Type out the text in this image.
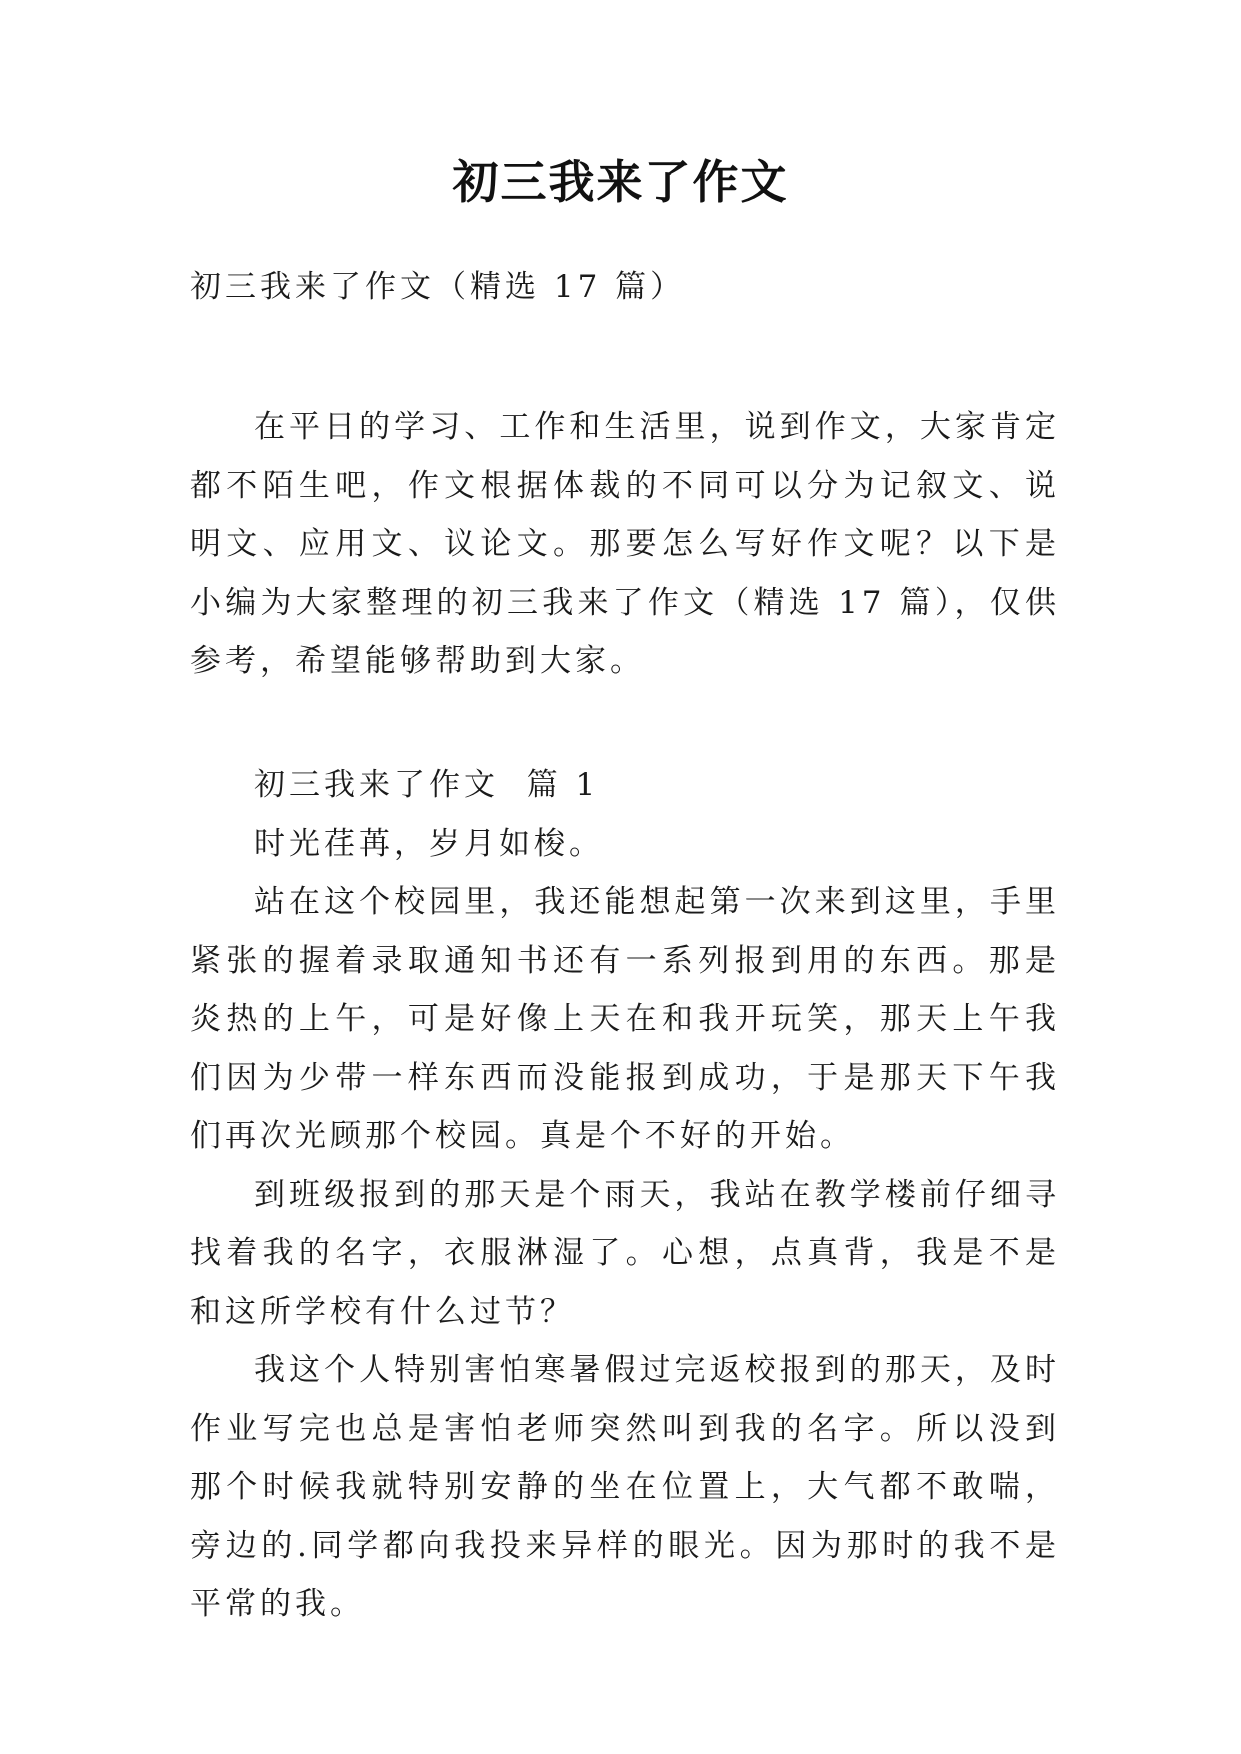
初三我来了作文
初三我来了作文（精选 17 篇）

在平日的学习、工作和生活里，说到作文，大家肯定都不陌生吧，作文根据体裁的不同可以分为记叙文、说明文、应用文、议论文。那要怎么写好作文呢？以下是小编为大家整理的初三我来了作文（精选 17 篇），仅供参考，希望能够帮助到大家。

初三我来了作文  篇 1

时光荏苒，岁月如梭。

站在这个校园里，我还能想起第一次来到这里，手里紧张的握着录取通知书还有一系列报到用的东西。那是炎热的上午，可是好像上天在和我开玩笑，那天上午我们因为少带一样东西而没能报到成功，于是那天下午我们再次光顾那个校园。真是个不好的开始。

到班级报到的那天是个雨天，我站在教学楼前仔细寻找着我的名字，衣服淋湿了。心想，点真背，我是不是和这所学校有什么过节？

我这个人特别害怕寒暑假过完返校报到的那天，及时作业写完也总是害怕老师突然叫到我的名字。所以没到那个时候我就特别安静的坐在位置上，大气都不敢喘，旁边的.同学都向我投来异样的眼光。因为那时的我不是平常的我。
